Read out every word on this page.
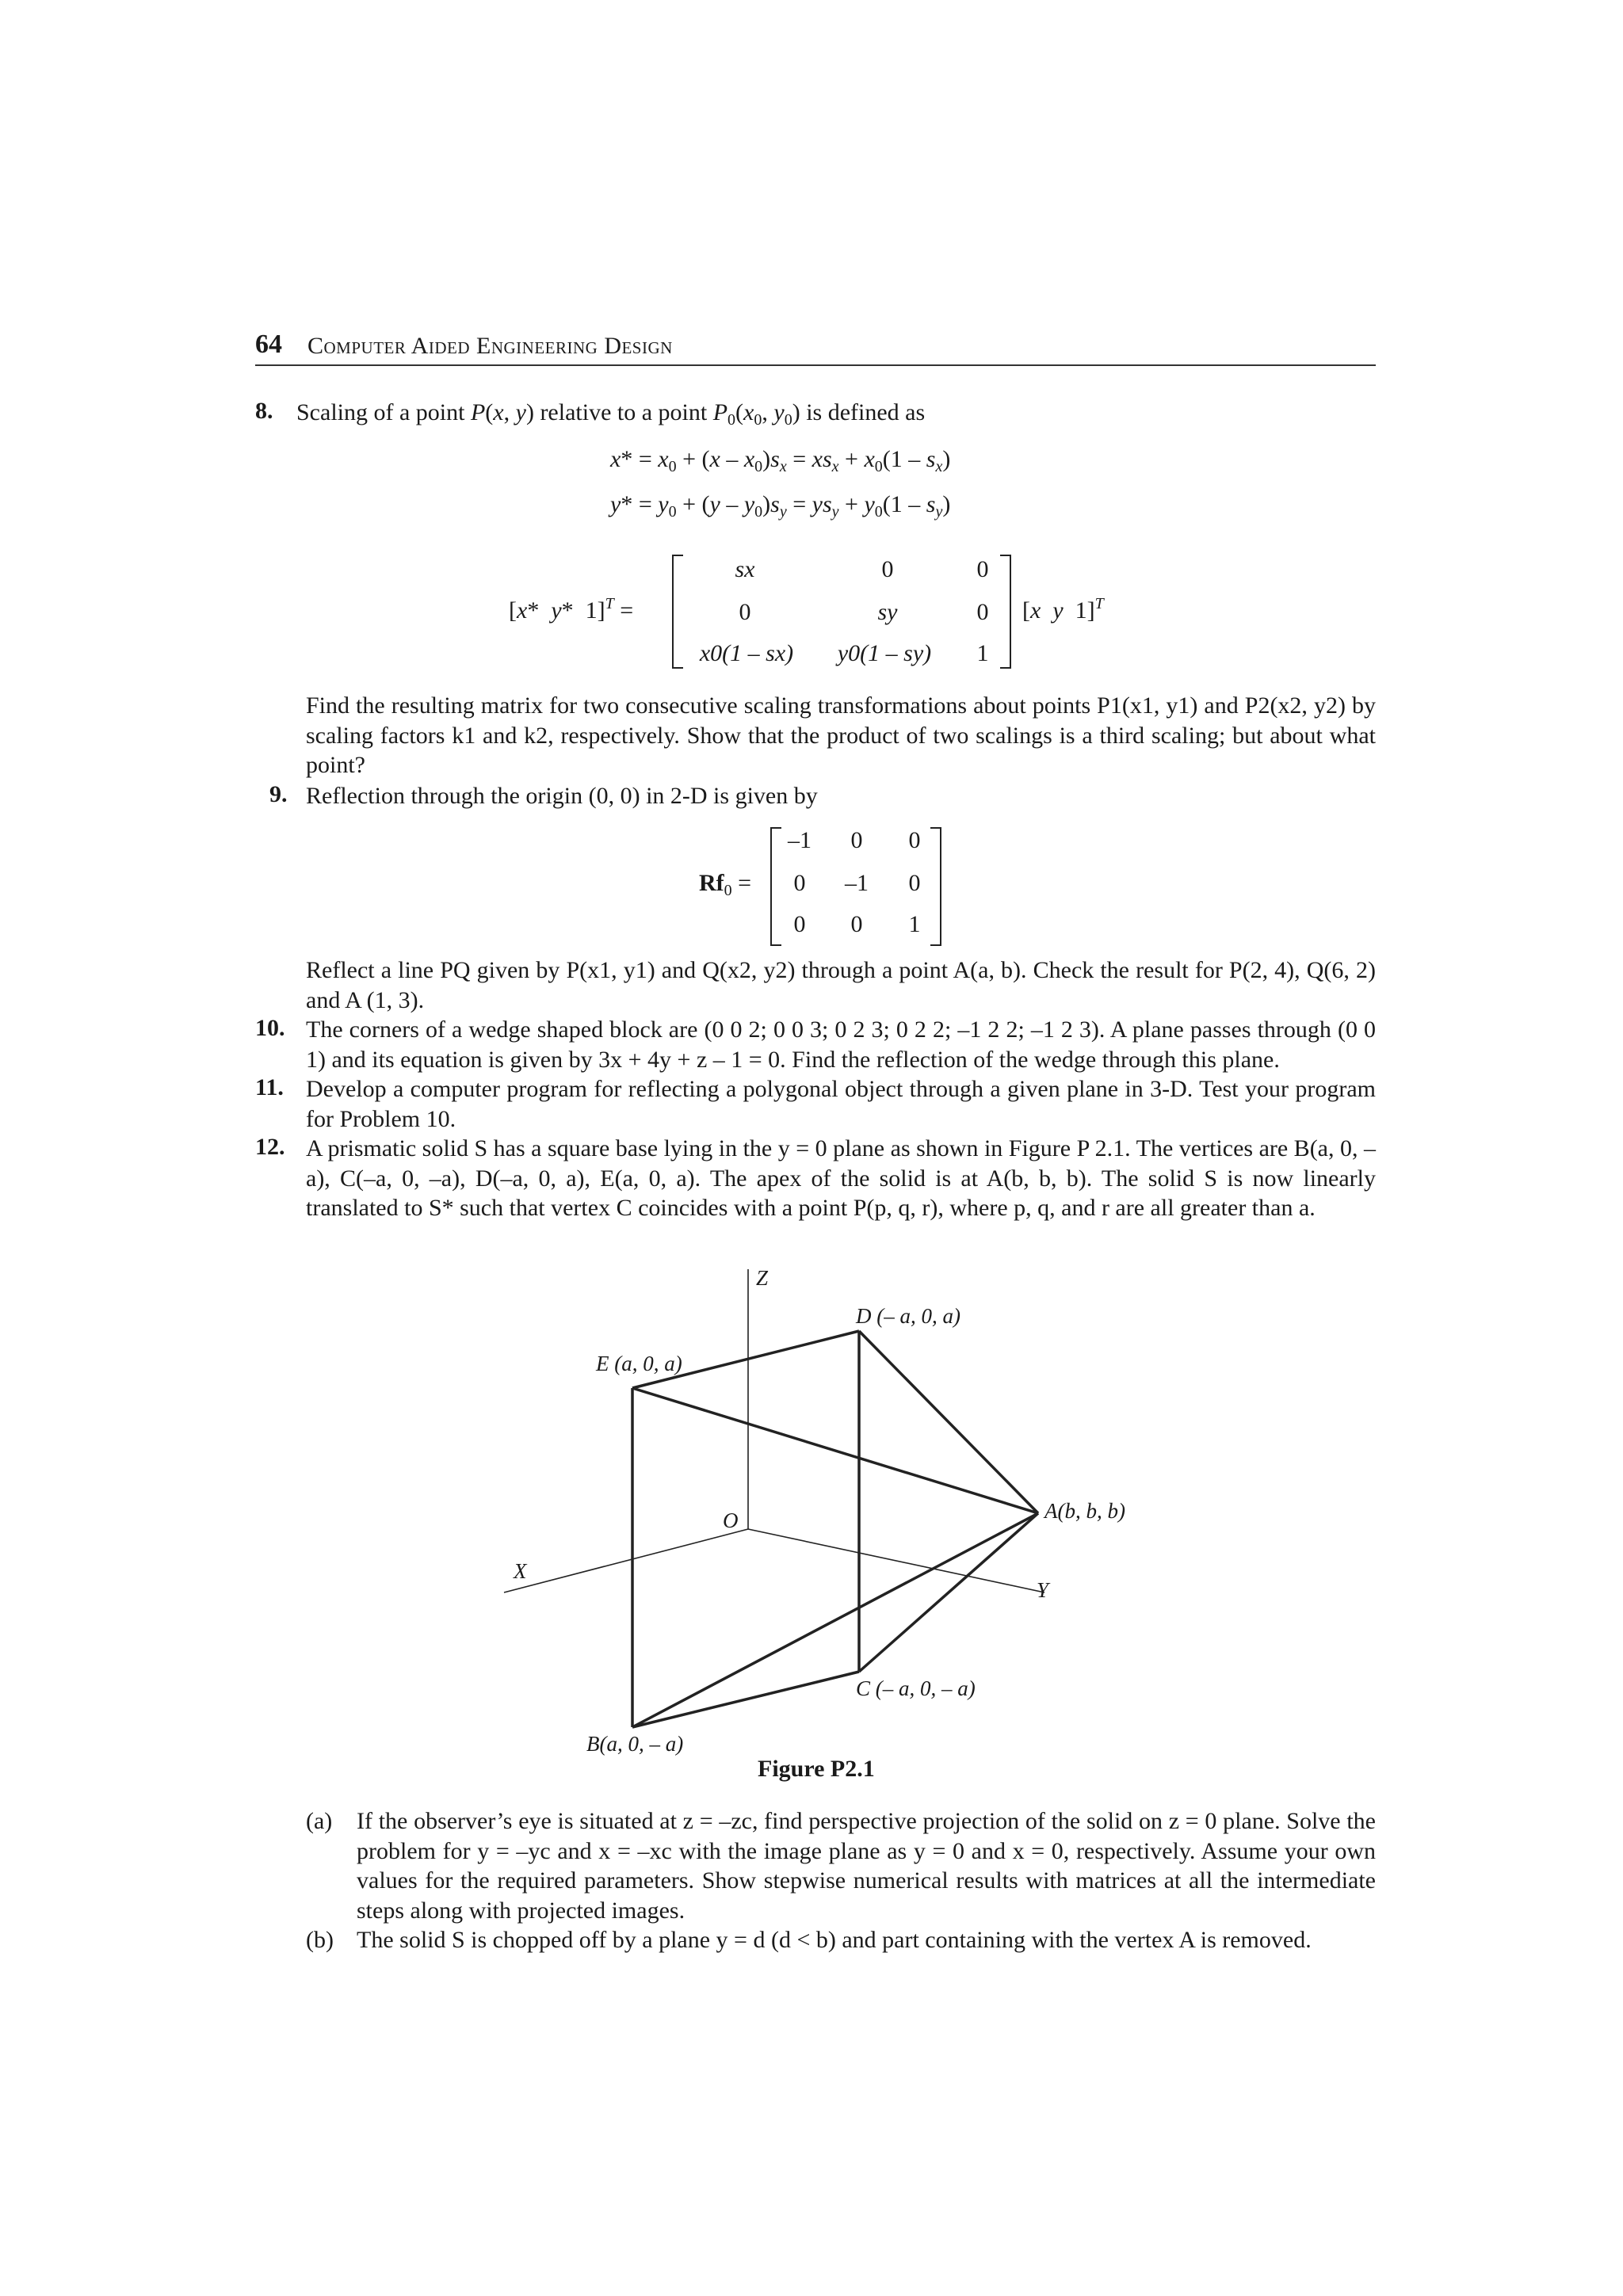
64 Computer Aided Engineering Design
8. Scaling of a point P(x, y) relative to a point $P_0(x_0$, $y_0$) is defined as
$x* = x_0 + (x - x_0)s_x = xs_x + x_0(1 - s_x)$
$y* = y_0 + (y - y_0)s_y = ys_y + y_0(1 - s_y)$
[x*  y*  1]$^T$ =
sx	0	0
0	sy	0
x0(1 – sx)	y0(1 – sy)	1
[x y  1]$^T$
Find the resulting matrix for two consecutive scaling transformations about points P1(x1, y1) and P2(x2, y2) by scaling factors k1 and k2, respectively. Show that the product of two scalings is a third scaling; but about what point?
9. Reflection through the origin (0, 0) in 2-D is given by
$Rf_0$ =
–1	0	0
0	–1	0
0	0	1
Reflect a line PQ given by P(x1, y1) and Q(x2, y2) through a point A(a, b). Check the result for P(2, 4), Q(6, 2) and A (1, 3).
10. The corners of a wedge shaped block are (0 0 2; 0 0 3; 0 2 3; 0 2 2; –1 2 2; –1 2 3). A plane passes through (0 0 1) and its equation is given by 3x + 4y + z – 1 = 0. Find the reflection of the wedge through this plane.
11. Develop a computer program for reflecting a polygonal object through a given plane in 3-D. Test your program for Problem 10.
12. A prismatic solid S has a square base lying in the y = 0 plane as shown in Figure P 2.1. The vertices are B(a, 0, –a), C(–a, 0, –a), D(–a, 0, a), E(a, 0, a). The apex of the solid is at A(b, b, b). The solid S is now linearly translated to S* such that vertex C coincides with a point P(p, q, r), where p, q, and r are all greater than a.
Z
D (– a, 0, a)
E (a, 0, a)
O	A(b, b, b)
X
Y
C (– a, 0, – a)
B(a, 0, – a)
Figure P2.1
(a) If the observer’s eye is situated at z = –zc, find perspective projection of the solid on z = 0 plane. Solve the problem for y = –yc and x = –xc with the image plane as y = 0 and x = 0, respectively. Assume your own values for the required parameters. Show stepwise numerical results with matrices at all the intermediate steps along with projected images.
(b) The solid S is chopped off by a plane y = d (d < b) and part containing with the vertex A is removed.
